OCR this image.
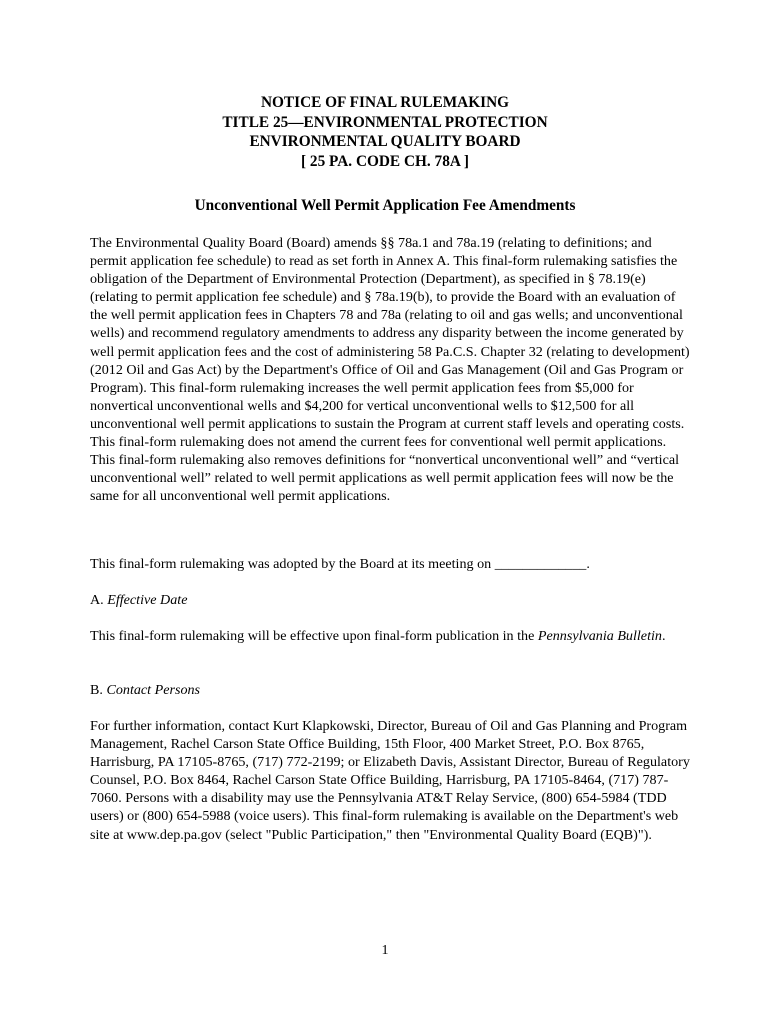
NOTICE OF FINAL RULEMAKING
TITLE 25—ENVIRONMENTAL PROTECTION
ENVIRONMENTAL QUALITY BOARD
[ 25 PA. CODE CH. 78A ]
Unconventional Well Permit Application Fee Amendments
The Environmental Quality Board (Board) amends §§ 78a.1 and 78a.19 (relating to definitions; and permit application fee schedule) to read as set forth in Annex A. This final-form rulemaking satisfies the obligation of the Department of Environmental Protection (Department), as specified in § 78.19(e) (relating to permit application fee schedule) and § 78a.19(b), to provide the Board with an evaluation of the well permit application fees in Chapters 78 and 78a (relating to oil and gas wells; and unconventional wells) and recommend regulatory amendments to address any disparity between the income generated by well permit application fees and the cost of administering 58 Pa.C.S. Chapter 32 (relating to development) (2012 Oil and Gas Act) by the Department's Office of Oil and Gas Management (Oil and Gas Program or Program). This final-form rulemaking increases the well permit application fees from $5,000 for nonvertical unconventional wells and $4,200 for vertical unconventional wells to $12,500 for all unconventional well permit applications to sustain the Program at current staff levels and operating costs. This final-form rulemaking does not amend the current fees for conventional well permit applications. This final-form rulemaking also removes definitions for “nonvertical unconventional well” and “vertical unconventional well” related to well permit applications as well permit application fees will now be the same for all unconventional well permit applications.
This final-form rulemaking was adopted by the Board at its meeting on _____________.
A. Effective Date
This final-form rulemaking will be effective upon final-form publication in the Pennsylvania Bulletin.
B. Contact Persons
For further information, contact Kurt Klapkowski, Director, Bureau of Oil and Gas Planning and Program Management, Rachel Carson State Office Building, 15th Floor, 400 Market Street, P.O. Box 8765, Harrisburg, PA 17105-8765, (717) 772-2199; or Elizabeth Davis, Assistant Director, Bureau of Regulatory Counsel, P.O. Box 8464, Rachel Carson State Office Building, Harrisburg, PA 17105-8464, (717) 787-7060. Persons with a disability may use the Pennsylvania AT&T Relay Service, (800) 654-5984 (TDD users) or (800) 654-5988 (voice users). This final-form rulemaking is available on the Department's web site at www.dep.pa.gov (select "Public Participation," then "Environmental Quality Board (EQB)").
1
